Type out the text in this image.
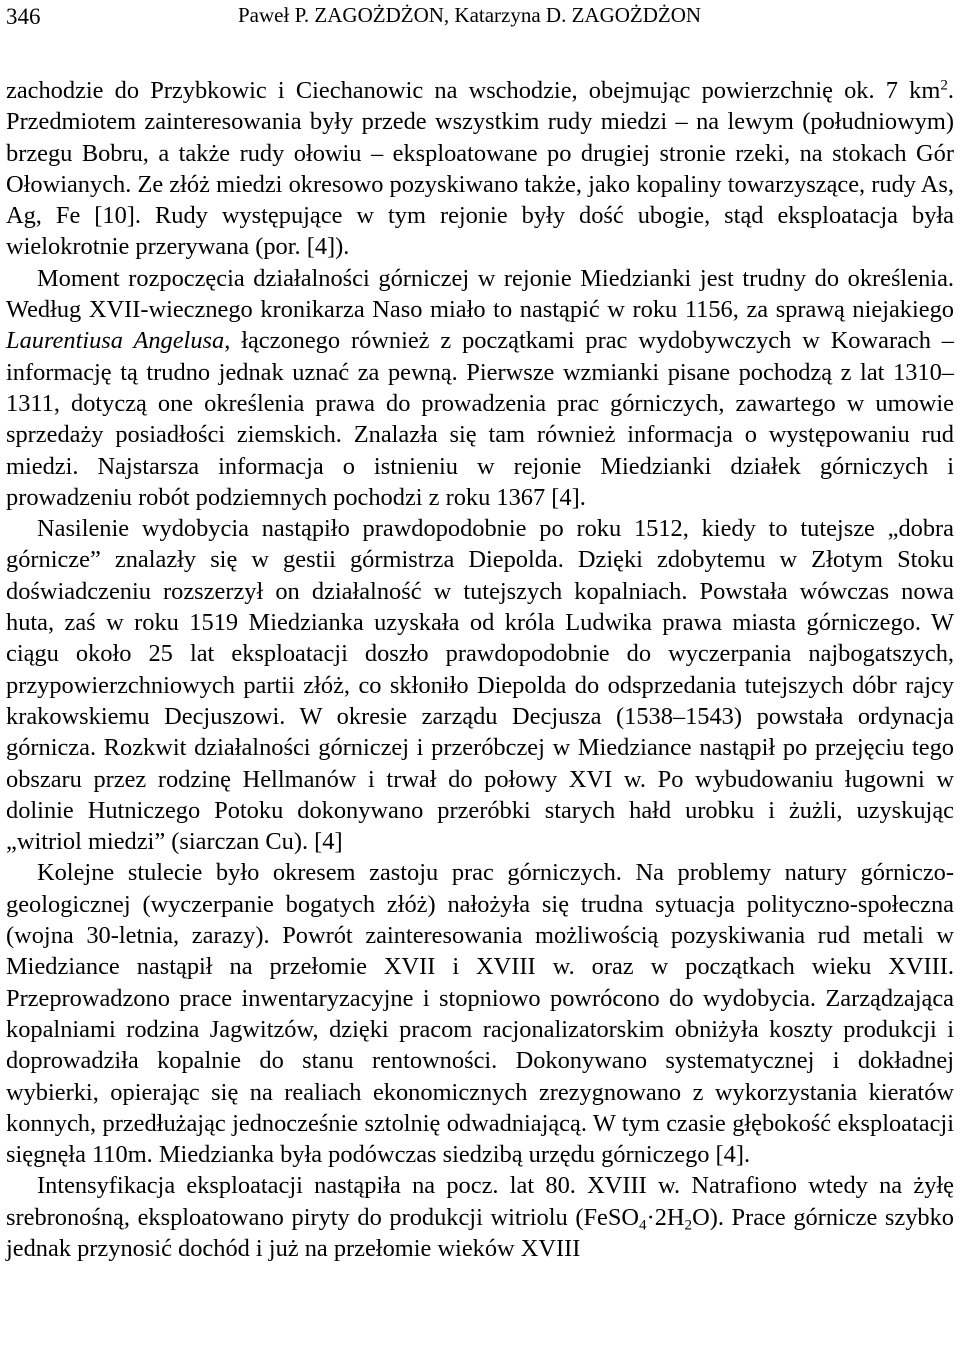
346	Paweł P. ZAGOŻDŻON, Katarzyna D. ZAGOŻDŻON

zachodzie do Przybkowic i Ciechanowic na wschodzie, obejmując powierzchnię ok. 7 $km^2$. Przedmiotem zainteresowania były przede wszystkim rudy miedzi – na lewym (południowym) brzegu Bobru, a także rudy ołowiu – eksploatowane po drugiej stronie rzeki, na stokach Gór Ołowianych. Ze złóż miedzi okresowo pozyskiwano także, jako kopaliny towarzyszące, rudy As, Ag, Fe [10]. Rudy występujące w tym rejonie były dość ubogie, stąd eksploatacja była wielokrotnie przerywana (por. [4]).

Moment rozpoczęcia działalności górniczej w rejonie Miedzianki jest trudny do określenia. Według XVII-wiecznego kronikarza Naso miało to nastąpić w roku 1156, za sprawą niejakiego Laurentiusa Angelusa, łączonego również z początkami prac wydobywczych w Kowarach – informację tą trudno jednak uznać za pewną. Pierwsze wzmianki pisane pochodzą z lat 1310–1311, dotyczą one określenia prawa do prowadzenia prac górniczych, zawartego w umowie sprzedaży posiadłości ziemskich. Znalazła się tam również informacja o występowaniu rud miedzi. Najstarsza informacja o istnieniu w rejonie Miedzianki działek górniczych i prowadzeniu robót podziemnych pochodzi z roku 1367 [4].

Nasilenie wydobycia nastąpiło prawdopodobnie po roku 1512, kiedy to tutejsze „dobra górnicze” znalazły się w gestii górmistrza Diepolda. Dzięki zdobytemu w Złotym Stoku doświadczeniu rozszerzył on działalność w tutejszych kopalniach. Powstała wówczas nowa huta, zaś w roku 1519 Miedzianka uzyskała od króla Ludwika prawa miasta górniczego. W ciągu około 25 lat eksploatacji doszło prawdopodobnie do wyczerpania najbogatszych, przypowierzchniowych partii złóż, co skłoniło Diepolda do odsprzedania tutejszych dóbr rajcy krakowskiemu Decjuszowi. W okresie zarządu Decjusza (1538–1543) powstała ordynacja górnicza. Rozkwit działalności górniczej i przeróbczej w Miedziance nastąpił po przejęciu tego obszaru przez rodzinę Hellmanów i trwał do połowy XVI w. Po wybudowaniu ługowni w dolinie Hutniczego Potoku dokonywano przeróbki starych hałd urobku i żużli, uzyskując „witriol miedzi” (siarczan Cu). [4]

Kolejne stulecie było okresem zastoju prac górniczych. Na problemy natury górniczo-geologicznej (wyczerpanie bogatych złóż) nałożyła się trudna sytuacja polityczno-społeczna (wojna 30-letnia, zarazy). Powrót zainteresowania możliwością pozyskiwania rud metali w Miedziance nastąpił na przełomie XVII i XVIII w. oraz w początkach wieku XVIII. Przeprowadzono prace inwentaryzacyjne i stopniowo powrócono do wydobycia. Zarządzająca kopalniami rodzina Jagwitzów, dzięki pracom racjonalizatorskim obniżyła koszty produkcji i doprowadziła kopalnie do stanu rentowności. Dokonywano systematycznej i dokładnej wybierki, opierając się na realiach ekonomicznych zrezygnowano z wykorzystania kieratów konnych, przedłużając jednocześnie sztolnię odwadniającą. W tym czasie głębokość eksploatacji sięgnęła 110m. Miedzianka była podówczas siedzibą urzędu górniczego [4].

Intensyfikacja eksploatacji nastąpiła na pocz. lat 80. XVIII w. Natrafiono wtedy na żyłę srebronośną, eksploatowano piryty do produkcji witriolu $(FeSO_4\cdot 2H_2O)$. Prace górnicze szybko jednak przynosić dochód i już na przełomie wieków XVIII
